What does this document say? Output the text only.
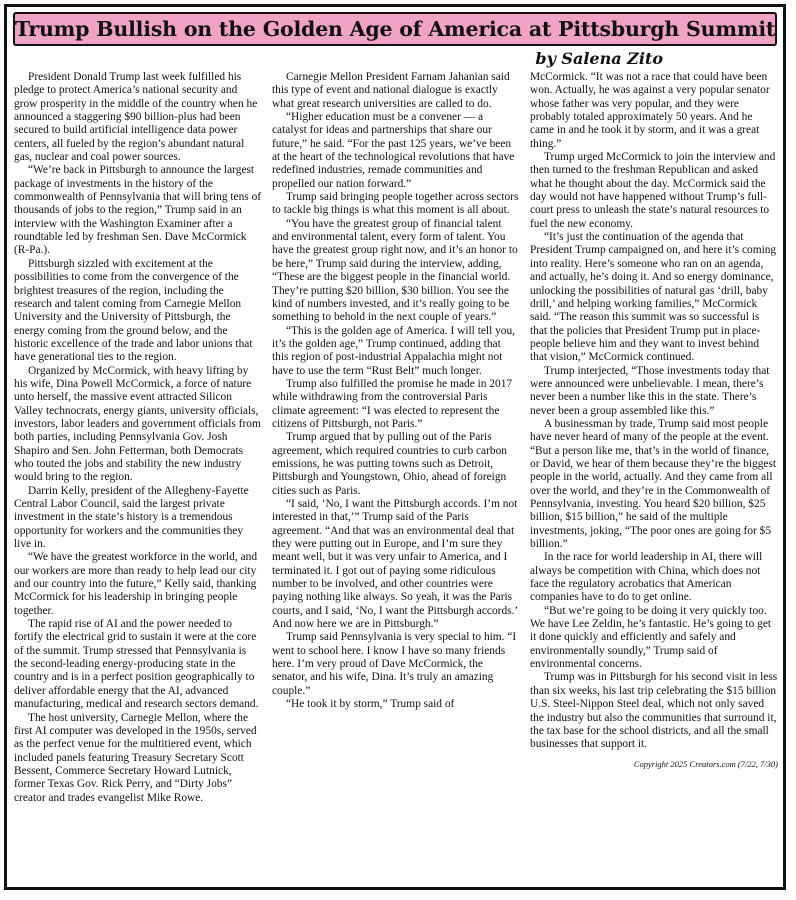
Trump Bullish on the Golden Age of America at Pittsburgh Summit
by Salena Zito

President Donald Trump last week fulfilled his pledge to protect America’s national security and grow prosperity in the middle of the country when he announced a staggering $90 billion-plus had been secured to build artificial intelligence data power centers, all fueled by the region’s abundant natural gas, nuclear and coal power sources.

“We’re back in Pittsburgh to announce the largest package of investments in the history of the commonwealth of Pennsylvania that will bring tens of thousands of jobs to the region,” Trump said in an interview with the Washington Examiner after a roundtable led by freshman Sen. Dave McCormick (R-Pa.).

Pittsburgh sizzled with excitement at the possibilities to come from the convergence of the brightest treasures of the region, including the research and talent coming from Carnegie Mellon University and the University of Pittsburgh, the energy coming from the ground below, and the historic excellence of the trade and labor unions that have generational ties to the region.

Organized by McCormick, with heavy lifting by his wife, Dina Powell McCormick, a force of nature unto herself, the massive event attracted Silicon Valley technocrats, energy giants, university officials, investors, labor leaders and government officials from both parties, including Pennsylvania Gov. Josh Shapiro and Sen. John Fetterman, both Democrats who touted the jobs and stability the new industry would bring to the region.

Darrin Kelly, president of the Allegheny-Fayette Central Labor Council, said the largest private investment in the state’s history is a tremendous opportunity for workers and the communities they live in.

“We have the greatest workforce in the world, and our workers are more than ready to help lead our city and our country into the future,” Kelly said, thanking McCormick for his leadership in bringing people together.

The rapid rise of AI and the power needed to fortify the electrical grid to sustain it were at the core of the summit. Trump stressed that Pennsylvania is the second-leading energy-producing state in the country and is in a perfect position geographically to deliver affordable energy that the AI, advanced manufacturing, medical and research sectors demand.

The host university, Carnegie Mellon, where the first AI computer was developed in the 1950s, served as the perfect venue for the multitiered event, which included panels featuring Treasury Secretary Scott Bessent, Commerce Secretary Howard Lutnick, former Texas Gov. Rick Perry, and “Dirty Jobs” creator and trades evangelist Mike Rowe.

Carnegie Mellon President Farnam Jahanian said this type of event and national dialogue is exactly what great research universities are called to do.

“Higher education must be a convener — a catalyst for ideas and partnerships that share our future,” he said. “For the past 125 years, we’ve been at the heart of the technological revolutions that have redefined industries, remade communities and propelled our nation forward.”

Trump said bringing people together across sectors to tackle big things is what this moment is all about.

“You have the greatest group of financial talent and environmental talent, every form of talent. You have the greatest group right now, and it’s an honor to be here,” Trump said during the interview, adding, “These are the biggest people in the financial world. They’re putting $20 billion, $30 billion. You see the kind of numbers invested, and it’s really going to be something to behold in the next couple of years.”

“This is the golden age of America. I will tell you, it’s the golden age,” Trump continued, adding that this region of post-industrial Appalachia might not have to use the term “Rust Belt” much longer.

Trump also fulfilled the promise he made in 2017 while withdrawing from the controversial Paris climate agreement: “I was elected to represent the citizens of Pittsburgh, not Paris.”

Trump argued that by pulling out of the Paris agreement, which required countries to curb carbon emissions, he was putting towns such as Detroit, Pittsburgh and Youngstown, Ohio, ahead of foreign cities such as Paris.

“I said, ‘No, I want the Pittsburgh accords. I’m not interested in that,’” Trump said of the Paris agreement. “And that was an environmental deal that they were putting out in Europe, and I’m sure they meant well, but it was very unfair to America, and I terminated it. I got out of paying some ridiculous number to be involved, and other countries were paying nothing like always. So yeah, it was the Paris courts, and I said, ‘No, I want the Pittsburgh accords.’ And now here we are in Pittsburgh.”

Trump said Pennsylvania is very special to him. “I went to school here. I know I have so many friends here. I’m very proud of Dave McCormick, the senator, and his wife, Dina. It’s truly an amazing couple.”

“He took it by storm,” Trump said of

McCormick. “It was not a race that could have been won. Actually, he was against a very popular senator whose father was very popular, and they were probably totaled approximately 50 years. And he came in and he took it by storm, and it was a great thing.”

Trump urged McCormick to join the interview and then turned to the freshman Republican and asked what he thought about the day. McCormick said the day would not have happened without Trump’s full-court press to unleash the state’s natural resources to fuel the new economy.

“It’s just the continuation of the agenda that President Trump campaigned on, and here it’s coming into reality. Here’s someone who ran on an agenda, and actually, he’s doing it. And so energy dominance, unlocking the possibilities of natural gas ‘drill, baby drill,’ and helping working families,” McCormick said. “The reason this summit was so successful is that the policies that President Trump put in place- people believe him and they want to invest behind that vision,” McCormick continued.

Trump interjected, “Those investments today that were announced were unbelievable. I mean, there’s never been a number like this in the state. There’s never been a group assembled like this.”

A businessman by trade, Trump said most people have never heard of many of the people at the event. “But a person like me, that’s in the world of finance, or David, we hear of them because they’re the biggest people in the world, actually. And they came from all over the world, and they’re in the Commonwealth of Pennsylvania, investing. You heard $20 billion, $25 billion, $15 billion,” he said of the multiple investments, joking, “The poor ones are going for $5 billion.”

In the race for world leadership in AI, there will always be competition with China, which does not face the regulatory acrobatics that American companies have to do to get online.

“But we’re going to be doing it very quickly too. We have Lee Zeldin, he’s fantastic. He’s going to get it done quickly and efficiently and safely and environmentally soundly,” Trump said of environmental concerns.

Trump was in Pittsburgh for his second visit in less than six weeks, his last trip celebrating the $15 billion U.S. Steel-Nippon Steel deal, which not only saved the industry but also the communities that surround it, the tax base for the school districts, and all the small businesses that support it.

Copyright 2025 Creators.com (7/22, 7/30)
